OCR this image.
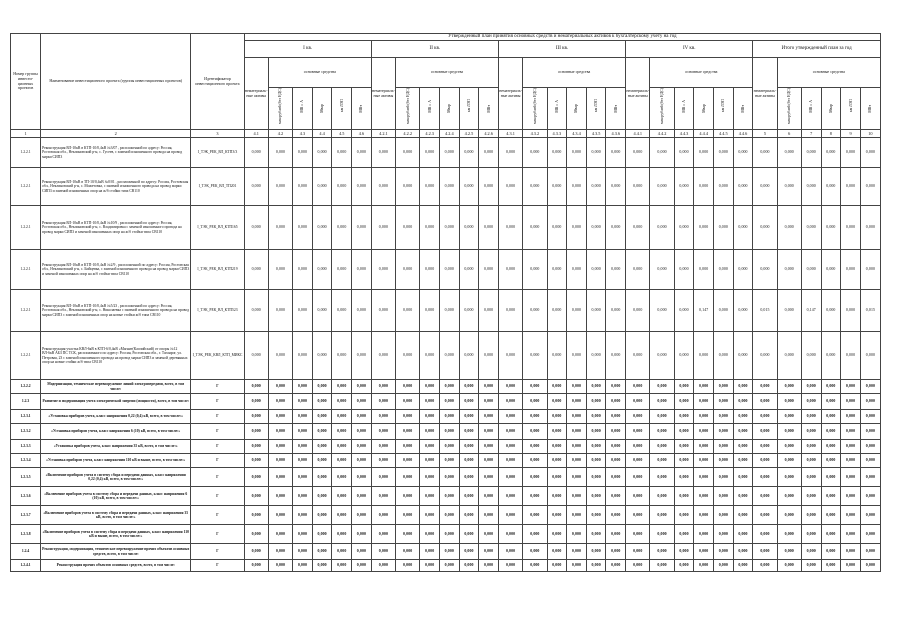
Номер группы инвести-ционных проектов	Наименование инвестиционного проекта (группы инвестиционных проектов)	Идентификатор инвестиционного проекта	Утвержденный план принятия основных средств и нематериальных активов к бухгалтерскому учету на год																													
			I кв.						II кв.						III кв.						IV кв.						Итого утвержденный план за год					
			нематериаль-ные активы	основные средства					нематериаль-ные активы	основные средства					нематериаль-ные активы	основные средства					нематериаль-ные активы	основные средства					нематериаль-ные активы	основные средства				
				млн рублей (без НДС)	МВ×А	Мвар	км ЛЭП	МВт		млн рублей (без НДС)	МВ×А	Мвар	км ЛЭП	МВт		млн рублей (без НДС)	МВ×А	Мвар	км ЛЭП	МВт		млн рублей (без НДС)	МВ×А	Мвар	км ЛЭП	МВт		млн рублей (без НДС)	МВ×А	Мвар	км ЛЭП	МВт

1	2	3	4.1	4.2	4.3	4.4	4.5	4.6	4.2.1	4.2.2	4.2.3	4.2.4	4.2.5	4.2.6	4.3.1	4.3.2	4.3.3	4.3.4	4.3.5	4.3.6	4.4.1	4.4.2	4.4.3	4.4.4	4.4.5	4.4.6	5	6	7	8	9	10
1.2.2.1	Реконструкция ВЛ-10кВ в КТП-10/0,4кВ №3/07 , распложенной по адресу: Россия, Ростовская обл., Неклиновский р-н, с. Гусеев, с заменой изношенного провода на провод марки СИП3	I_ТЭК_РЕК_ВЛ_КТП3/3	0,000	0,000	0,000	0,000	0,000	0,000	0,000	0,000	0,000	0,000	0,000	0,000	0,000	0,000	0,000	0,000	0,000	0,000	0,000	0,000	0,000	0,000	0,000	0,000	0,000	0,000	0,000	0,000	0,000	0,000
1.2.2.1	Реконструкция ВЛ-10кВ в ТП-10/0,4кВ №0/01 , распложенной по адресу: Россия, Ростовская обл., Неклиновский р-н, с. Можетовка, с заменой изношенного провода на провод марки СИП3 и заменой изношенных опор на ж/б стойки типа СВ110	I_ТЭК_РЕК_ВЛ_ТП201	0,000	0,000	0,000	0,000	0,000	0,000	0,000	0,000	0,000	0,000	0,000	0,000	0,000	0,000	0,000	0,000	0,000	0,000	0,000	0,000	0,000	0,000	0,000	0,000	0,000	0,000	0,000	0,000	0,000	0,000
1.2.2.1	Реконструкция ВЛ-10кВ в КТП-10/0,4кВ №10/9 , распложенной по адресу: Россия, Ростовская обл., Неклиновский р-н, с. Владимировка с заменой изношенного провода на провод марки СИП3 и заменой изношенных опор на ж/б стойки типа СВ110	I_ТЭК_РЕК_ВЛ_КТП165	0,000	0,000	0,000	0,000	0,000	0,000	0,000	0,000	0,000	0,000	0,000	0,000	0,000	0,000	0,000	0,000	0,000	0,000	0,000	0,000	0,000	0,000	0,000	0,000	0,000	0,000	0,000	0,000	0,000	0,000
1.2.2.1	Реконструкция ВЛ-10кВ в КТП-10/0,4кВ №2/9 , распложенной по адресу: Россия, Ростовская обл., Неклиновский р-н, с. Бийцевка, с заменой изношенного провода на провод марки СИП3 и заменой изношенных опор на ж/б стойки типа СВ110	I_ТЭК_РЕК_ВЛ_КТП219	0,000	0,000	0,000	0,000	0,000	0,000	0,000	0,000	0,000	0,000	0,000	0,000	0,000	0,000	0,000	0,000	0,000	0,000	0,000	0,000	0,000	0,000	0,000	0,000	0,000	0,000	0,000	0,000	0,000	0,000
1.2.2.1	Реконструкция ВЛ-10кВ в КТП-10/0,4кВ №5/23 , распложенной по адресу: Россия, Ростовская обл., Неклиновский р-н, с. Николаевка с заменой изношенного провода на провод марки СИП3 с заменой изношенных опор на новые стойки ж/б типа СВ110	I_ТЭК_РЕК_ВЛ_КТП523	0,000	0,000	0,000	0,000	0,000	0,000	0,000	0,000	0,000	0,000	0,000	0,000	0,000	0,000	0,000	0,000	0,000	0,000	0,000	0,000	0,000	0,147	0,000	0,000	0,015	0,000	0,147	0,000	0,000	0,015
1.2.2.1	Реконструкция участка КВЛ-6кВ в КТП-6/0,4кВ «Магнит(Каспийский) от опоры №12 ВЛ-6кВ АБЗ ПС ТСК, распложенного по адресу: Россия, Ростовская обл., г. Таганрог, ул. Петровая, 23 с заменой изношенного провода на провод марки СИП3 и заменой деревянных опор на новые стойки ж/б типа СВ110	I_ТЭК_РЕК_КВЛ_КТП_МИКС	0,000	0,000	0,000	0,000	0,000	0,000	0,000	0,000	0,000	0,000	0,000	0,000	0,000	0,000	0,000	0,000	0,000	0,000	0,000	0,000	0,000	0,000	0,000	0,000	0,000	0,000	0,000	0,000	0,000	0,000
1.2.2.2	Модернизация, техническое перевооружение линий электропередачи, всего, в том числе:	Г	0,000	0,000	0,000	0,000	0,000	0,000	0,000	0,000	0,000	0,000	0,000	0,000	0,000	0,000	0,000	0,000	0,000	0,000	0,000	0,000	0,000	0,000	0,000	0,000	0,000	0,000	0,000	0,000	0,000	0,000
1.2.3	Развитие и модернизация учета электрической энергии (мощности), всего, в том числе:	Г	0,000	0,000	0,000	0,000	0,000	0,000	0,000	0,000	0,000	0,000	0,000	0,000	0,000	0,000	0,000	0,000	0,000	0,000	0,000	0,000	0,000	0,000	0,000	0,000	0,000	0,000	0,000	0,000	0,000	0,000
1.2.3.1	«Установка приборов учета, класс напряжения 0,22 (0,4) кВ, всего, в том числе:»	Г	0,000	0,000	0,000	0,000	0,000	0,000	0,000	0,000	0,000	0,000	0,000	0,000	0,000	0,000	0,000	0,000	0,000	0,000	0,000	0,000	0,000	0,000	0,000	0,000	0,000	0,000	0,000	0,000	0,000	0,000
1.2.3.2	«Установка приборов учета, класс напряжения 6 (10) кВ, всего, в том числе:»	Г	0,000	0,000	0,000	0,000	0,000	0,000	0,000	0,000	0,000	0,000	0,000	0,000	0,000	0,000	0,000	0,000	0,000	0,000	0,000	0,000	0,000	0,000	0,000	0,000	0,000	0,000	0,000	0,000	0,000	0,000
1.2.3.3	«Установка приборов учета, класс напряжения 35 кВ, всего, в том числе:»	Г	0,000	0,000	0,000	0,000	0,000	0,000	0,000	0,000	0,000	0,000	0,000	0,000	0,000	0,000	0,000	0,000	0,000	0,000	0,000	0,000	0,000	0,000	0,000	0,000	0,000	0,000	0,000	0,000	0,000	0,000
1.2.3.4	«Установка приборов учета, класс напряжения 110 кВ и выше, всего, в том числе:»	Г	0,000	0,000	0,000	0,000	0,000	0,000	0,000	0,000	0,000	0,000	0,000	0,000	0,000	0,000	0,000	0,000	0,000	0,000	0,000	0,000	0,000	0,000	0,000	0,000	0,000	0,000	0,000	0,000	0,000	0,000
1.2.3.5	«Включение приборов учета в систему сбора и передачи данных, класс напряжения 0,22 (0,4) кВ, всего, в том числе:»	Г	0,000	0,000	0,000	0,000	0,000	0,000	0,000	0,000	0,000	0,000	0,000	0,000	0,000	0,000	0,000	0,000	0,000	0,000	0,000	0,000	0,000	0,000	0,000	0,000	0,000	0,000	0,000	0,000	0,000	0,000
1.2.3.6	«Включение приборов учета в систему сбора и передачи данных, класс напряжения 6 (10) кВ, всего, в том числе:»	Г	0,000	0,000	0,000	0,000	0,000	0,000	0,000	0,000	0,000	0,000	0,000	0,000	0,000	0,000	0,000	0,000	0,000	0,000	0,000	0,000	0,000	0,000	0,000	0,000	0,000	0,000	0,000	0,000	0,000	0,000
1.2.3.7	«Включение приборов учета в систему сбора и передачи данных, класс напряжения 35 кВ, всего, в том числе:»	Г	0,000	0,000	0,000	0,000	0,000	0,000	0,000	0,000	0,000	0,000	0,000	0,000	0,000	0,000	0,000	0,000	0,000	0,000	0,000	0,000	0,000	0,000	0,000	0,000	0,000	0,000	0,000	0,000	0,000	0,000
1.2.3.8	«Включение приборов учета в систему сбора и передачи данных, класс напряжения 110 кВ и выше, всего, в том числе:»	Г	0,000	0,000	0,000	0,000	0,000	0,000	0,000	0,000	0,000	0,000	0,000	0,000	0,000	0,000	0,000	0,000	0,000	0,000	0,000	0,000	0,000	0,000	0,000	0,000	0,000	0,000	0,000	0,000	0,000	0,000
1.2.4	Реконструкция, модернизация, техническое перевооружение прочих объектов основных средств, всего, в том числе:	Г	0,000	0,000	0,000	0,000	0,000	0,000	0,000	0,000	0,000	0,000	0,000	0,000	0,000	0,000	0,000	0,000	0,000	0,000	0,000	0,000	0,000	0,000	0,000	0,000	0,000	0,000	0,000	0,000	0,000	0,000
1.2.4.1	Реконструкция прочих объектов основных средств, всего, в том числе:	Г	0,000	0,000	0,000	0,000	0,000	0,000	0,000	0,000	0,000	0,000	0,000	0,000	0,000	0,000	0,000	0,000	0,000	0,000	0,000	0,000	0,000	0,000	0,000	0,000	0,000	0,000	0,000	0,000	0,000	0,000
